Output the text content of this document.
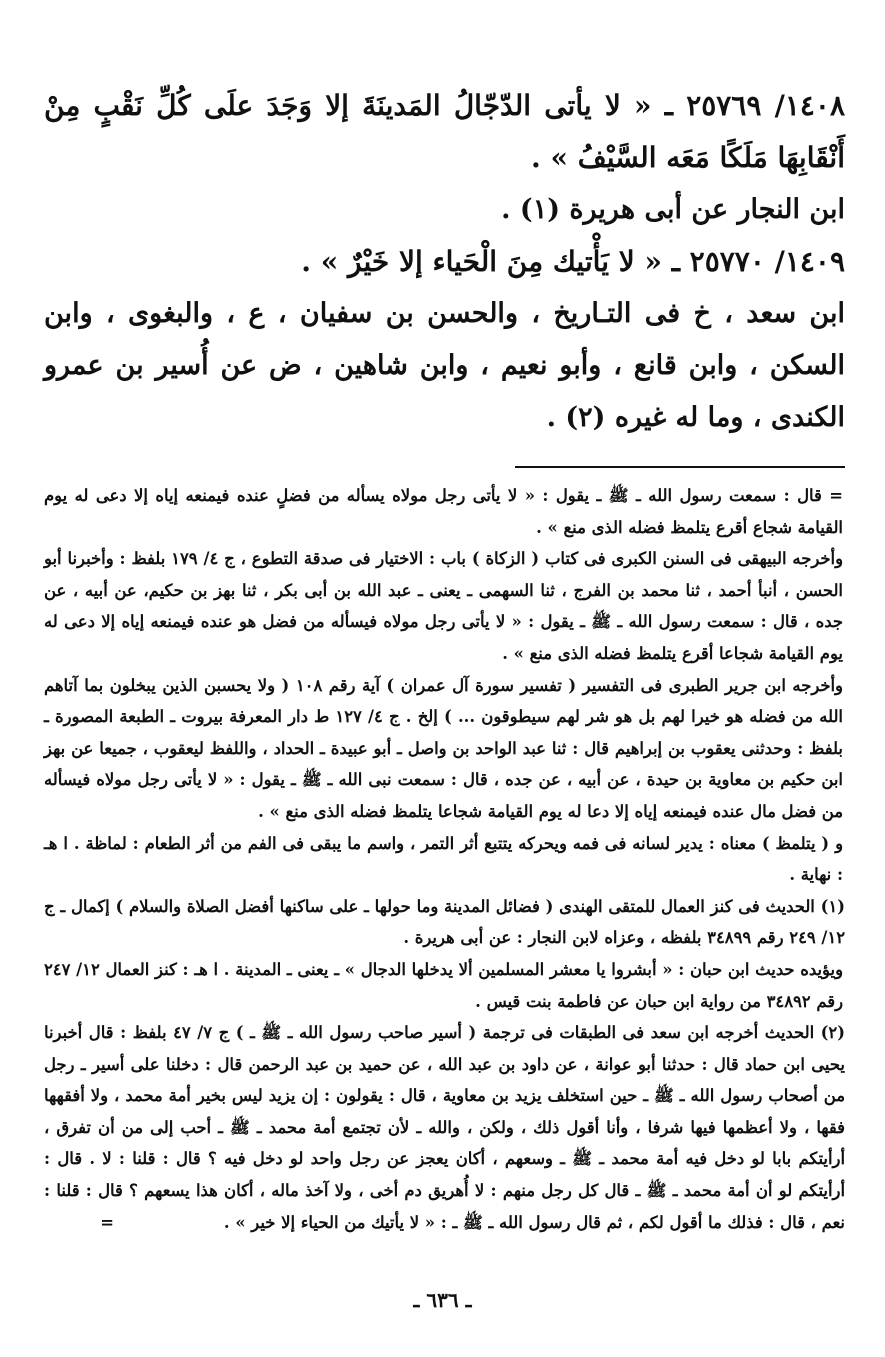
١٤٠٨/ ٢٥٧٦٩ ـ « لا يأتى الدّجّالُ المَدينَةَ إلا وَجَدَ علَى كُلِّ نَقْبٍ مِنْ أَنْقَابِهَا مَلَكًا مَعَه السَّيْفُ » .

ابن النجار عن أبى هريرة (١) .

١٤٠٩/ ٢٥٧٧٠ ـ « لا يَأْتيك مِنَ الْحَياء إلا خَيْرٌ » .

ابن سعد ، خ فى التـاريخ ، والحسن بن سفيان ، ع ، والبغوى ، وابن السكن ، وابن قانع ، وأبو نعيم ، وابن شاهين ، ض عن أُسير بن عمرو الكندى ، وما له غيره (٢) .

= قال : سمعت رسول الله ـ ﷺ ـ يقول : « لا يأتى رجل مولاه يسأله من فضلٍ عنده فيمنعه إياه إلا دعى له يوم القيامة شجاع أقرع يتلمظ فضله الذى منع » .

وأخرجه البيهقى فى السنن الكبرى فى كتاب ( الزكاة ) باب : الاختيار فى صدقة التطوع ، ج ٤/ ١٧٩ بلفظ : وأخبرنا أبو الحسن ، أنبأ أحمد ، ثنا محمد بن الفرج ، ثنا السهمى ـ يعنى ـ عبد الله بن أبى بكر ، ثنا بهز بن حكيم، عن أبيه ، عن جده ، قال : سمعت رسول الله ـ ﷺ ـ يقول : « لا يأتى رجل مولاه فيسأله من فضل هو عنده فيمنعه إياه إلا دعى له يوم القيامة شجاعا أقرع يتلمظ فضله الذى منع » .

وأخرجه ابن جرير الطبرى فى التفسير ( تفسير سورة آل عمران ) آية رقم ١٠٨ ( ولا يحسبن الذين يبخلون بما آتاهم الله من فضله هو خيرا لهم بل هو شر لهم سيطوقون ... ) إلخ . ج ٤/ ١٢٧ ط دار المعرفة بيروت ـ الطبعة المصورة ـ بلفظ : وحدثنى يعقوب بن إبراهيم قال : ثنا عبد الواحد بن واصل ـ أبو عبيدة ـ الحداد ، واللفظ ليعقوب ، جميعا عن بهز ابن حكيم بن معاوية بن حيدة ، عن أبيه ، عن جده ، قال : سمعت نبى الله ـ ﷺ ـ يقول : « لا يأتى رجل مولاه فيسأله من فضل مال عنده فيمنعه إياه إلا دعا له يوم القيامة شجاعا يتلمظ فضله الذى منع » .

و ( يتلمظ ) معناه : يدير لسانه فى فمه ويحركه يتتبع أثر التمر ، واسم ما يبقى فى الفم من أثر الطعام : لماظة . ا هـ : نهاية .

(١) الحديث فى كنز العمال للمتقى الهندى ( فضائل المدينة وما حولها ـ على ساكنها أفضل الصلاة والسلام ) إكمال ـ ج ١٢/ ٢٤٩ رقم ٣٤٨٩٩ بلفظه ، وعزاه لابن النجار : عن أبى هريرة .

ويؤيده حديث ابن حبان : « أبشروا يا معشر المسلمين ألا يدخلها الدجال » ـ يعنى ـ المدينة . ا هـ : كنز العمال ١٢/ ٢٤٧ رقم ٣٤٨٩٢ من رواية ابن حبان عن فاطمة بنت قيس .

(٢) الحديث أخرجه ابن سعد فى الطبقات فى ترجمة ( أسير صاحب رسول الله ـ ﷺ ـ ) ج ٧/ ٤٧ بلفظ : قال أخبرنا يحيى ابن حماد قال : حدثنا أبو عوانة ، عن داود بن عبد الله ، عن حميد بن عبد الرحمن قال : دخلنا على أسير ـ رجل من أصحاب رسول الله ـ ﷺ ـ حين استخلف يزيد بن معاوية ، قال : يقولون : إن يزيد ليس بخير أمة محمد ، ولا أفقهها فقها ، ولا أعظمها فيها شرفا ، وأنا أقول ذلك ، ولكن ، والله ـ لأن تجتمع أمة محمد ـ ﷺ ـ أحب إلى من أن تفرق ، أرأيتكم بابا لو دخل فيه أمة محمد ـ ﷺ ـ وسعهم ، أكان يعجز عن رجل واحد لو دخل فيه ؟ قال : قلنا : لا . قال : أرأيتكم لو أن أمة محمد ـ ﷺ ـ قال كل رجل منهم : لا أُهريق دم أخى ، ولا آخذ ماله ، أكان هذا يسعهم ؟ قال : قلنا : نعم ، قال : فذلك ما أقول لكم ، ثم قال رسول الله ـ ﷺ ـ : « لا يأتيك من الحياء إلا خير » .=

ـ ٦٣٦ ـ
